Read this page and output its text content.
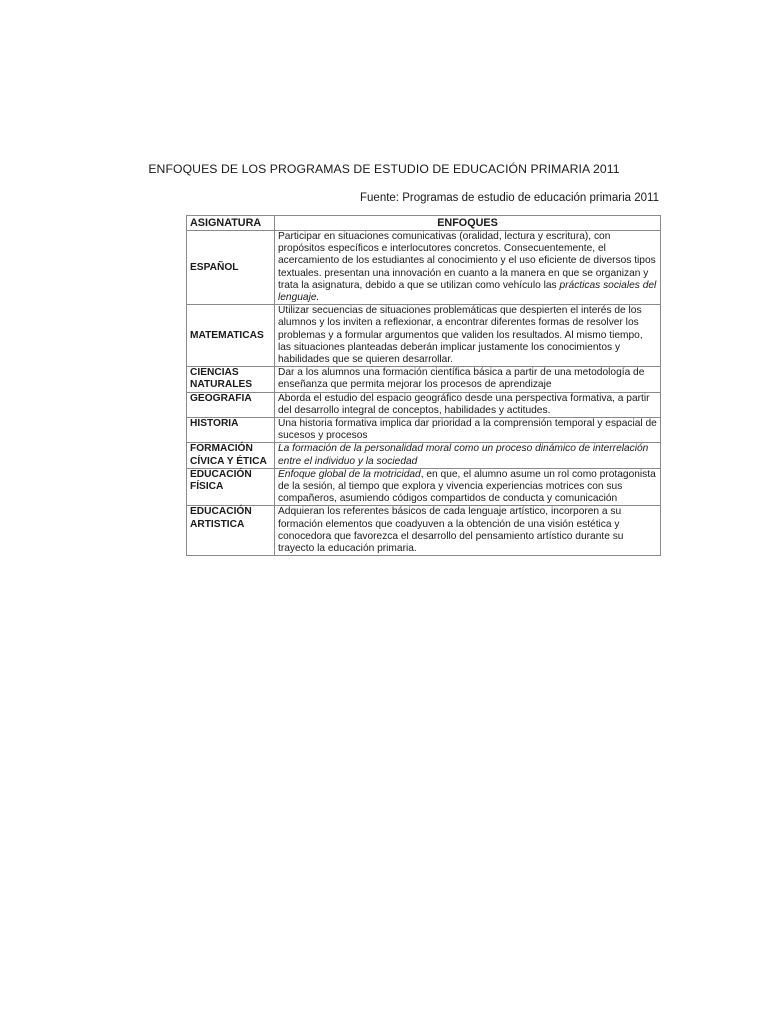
ENFOQUES DE LOS PROGRAMAS DE ESTUDIO DE EDUCACIÓN PRIMARIA 2011
Fuente: Programas de estudio de educación primaria 2011
ASIGNATURA	ENFOQUES
ESPAÑOL	Participar en situaciones comunicativas (oralidad, lectura y escritura), con propósitos específicos e interlocutores concretos. Consecuentemente, el acercamiento de los estudiantes al conocimiento y el uso eficiente de diversos tipos textuales. presentan una innovación en cuanto a la manera en que se organizan y trata la asignatura, debido a que se utilizan como vehículo las prácticas sociales del lenguaje.
MATEMATICAS	Utilizar secuencias de situaciones problemáticas que despierten el interés de los alumnos y los inviten a reflexionar, a encontrar diferentes formas de resolver los problemas y a formular argumentos que validen los resultados. Al mismo tiempo, las situaciones planteadas deberán implicar justamente los conocimientos y habilidades que se quieren desarrollar.
CIENCIAS NATURALES	Dar a los alumnos una formación científica básica a partir de una metodología de enseñanza que permita mejorar los procesos de aprendizaje
GEOGRAFIA	Aborda el estudio del espacio geográfico desde una perspectiva formativa, a partir del desarrollo integral de conceptos, habilidades y actitudes.
HISTORIA	Una historia formativa implica dar prioridad a la comprensión temporal y espacial de sucesos y procesos
FORMACIÓN CÍVICA Y ÉTICA	La formación de la personalidad moral como un proceso dinámico de interrelación entre el individuo y la sociedad
EDUCACIÓN FÍSICA	Enfoque global de la motricidad, en que, el alumno asume un rol como protagonista de la sesión, al tiempo que explora y vivencia experiencias motrices con sus compañeros, asumiendo códigos compartidos de conducta y comunicación
EDUCACIÓN ARTISTICA	Adquieran los referentes básicos de cada lenguaje artístico, incorporen a su formación elementos que coadyuven a la obtención de una visión estética y conocedora que favorezca el desarrollo del pensamiento artístico durante su trayecto la educación primaria.
